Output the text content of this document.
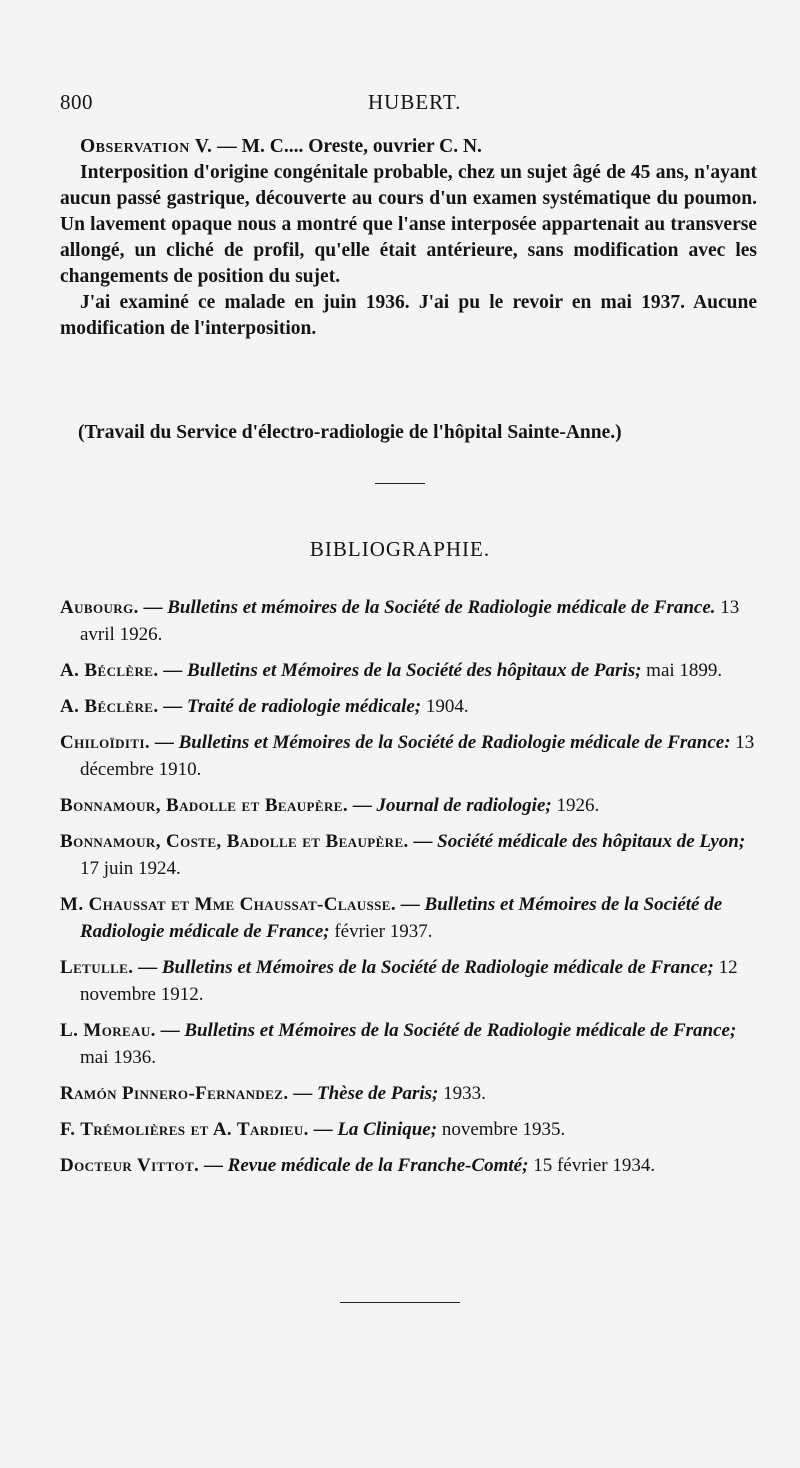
800	HUBERT.

Observation V. — M. C.... Oreste, ouvrier C. N.

Interposition d'origine congénitale probable, chez un sujet âgé de 45 ans, n'ayant aucun passé gastrique, découverte au cours d'un examen systématique du poumon. Un lavement opaque nous a montré que l'anse interposée appartenait au transverse allongé, un cliché de profil, qu'elle était antérieure, sans modification avec les changements de position du sujet.

J'ai examiné ce malade en juin 1936. J'ai pu le revoir en mai 1937. Aucune modification de l'interposition.

(Travail du Service d'électro-radiologie de l'hôpital Sainte-Anne.)
BIBLIOGRAPHIE.
Aubourg. — Bulletins et mémoires de la Société de Radiologie médicale de France. 13 avril 1926.
A. Béclère. — Bulletins et Mémoires de la Société des hôpitaux de Paris; mai 1899.
A. Béclère. — Traité de radiologie médicale; 1904.
Chiloïditi. — Bulletins et Mémoires de la Société de Radiologie médicale de France: 13 décembre 1910.
Bonnamour, Badolle et Beaupère. — Journal de radiologie; 1926.
Bonnamour, Coste, Badolle et Beaupère. — Société médicale des hôpitaux de Lyon; 17 juin 1924.
M. Chaussat et Mme Chaussat-Clausse. — Bulletins et Mémoires de la Société de Radiologie médicale de France; février 1937.
Letulle. — Bulletins et Mémoires de la Société de Radiologie médicale de France; 12 novembre 1912.
L. Moreau. — Bulletins et Mémoires de la Société de Radiologie médicale de France; mai 1936.
Ramón Pinnero-Fernandez. — Thèse de Paris; 1933.
F. Trémolières et A. Tardieu. — La Clinique; novembre 1935.
Docteur Vittot. — Revue médicale de la Franche-Comté; 15 février 1934.
